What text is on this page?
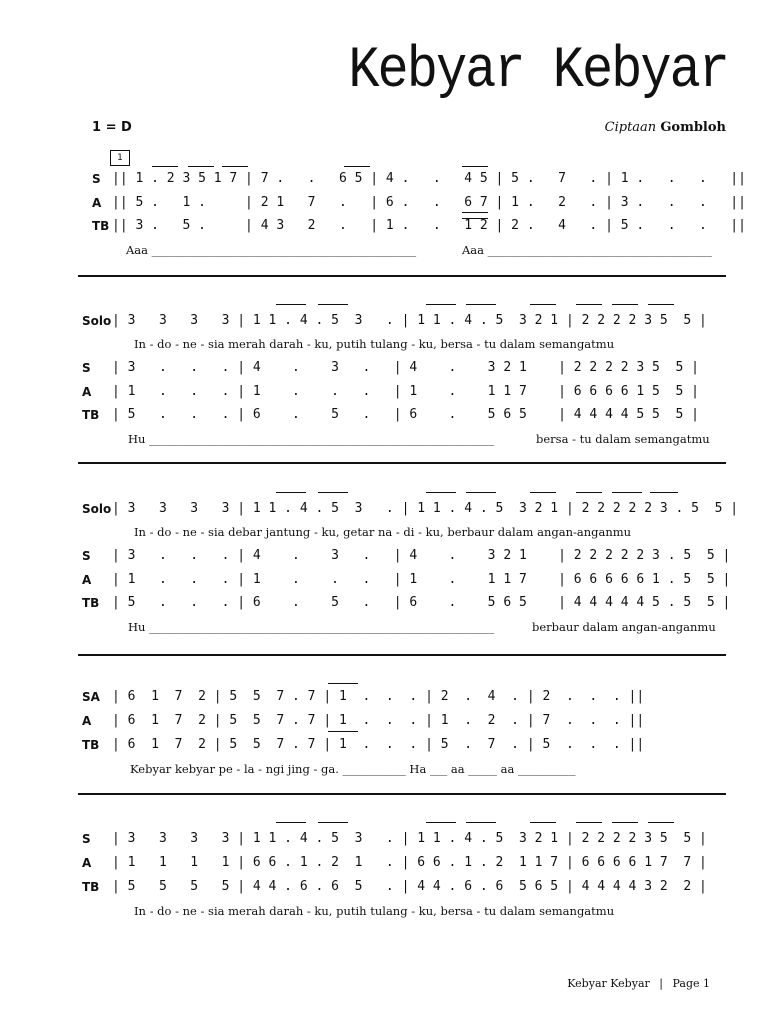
Kebyar Kebyar
1 = D	Ciptaan Gombloh
1
S || 1 . 2 3 5 1 7 | 7 .   .   6 5 | 4 .   .   4 5 | 5 .   7   . | 1 .   .   .   ||
A || 5 .   1 .     | 2 1   7   .   | 6 .   .   6 7 | 1 .   2   . | 3 .   .   .   ||
TB || 3 .   5 .     | 4 3   2   .   | 1 .   .   1 2 | 2 .   4   . | 5 .   .   .   ||
Aaa ______________________________________________	Aaa _______________________________________
Solo | 3   3   3   3 | 1 1 . 4 . 5  3   . | 1 1 . 4 . 5  3 2 1 | 2 2 2 2 3 5  5 |
In - do - ne - sia merah darah - ku, putih tulang - ku, bersa - tu dalam semangatmu
S | 3   .   .   . | 4    .    3   .   | 4    .    3 2 1    | 2 2 2 2 3 5  5 |
A | 1   .   .   . | 1    .    .   .   | 1    .    1 1 7    | 6 6 6 6 1 5  5 |
TB | 5   .   .   . | 6    .    5   .   | 6    .    5 6 5    | 4 4 4 4 5 5  5 |
Hu ____________________________________________________________	bersa - tu dalam semangatmu
Solo | 3   3   3   3 | 1 1 . 4 . 5  3   . | 1 1 . 4 . 5  3 2 1 | 2 2 2 2 2 3 . 5  5 |
In - do - ne - sia debar jantung - ku, getar na - di - ku, berbaur dalam angan-anganmu
S | 3   .   .   . | 4    .    3   .   | 4    .    3 2 1    | 2 2 2 2 2 3 . 5  5 |
A | 1   .   .   . | 1    .    .   .   | 1    .    1 1 7    | 6 6 6 6 6 1 . 5  5 |
TB | 5   .   .   . | 6    .    5   .   | 6    .    5 6 5    | 4 4 4 4 4 5 . 5  5 |
Hu ____________________________________________________________	berbaur dalam angan-anganmu
SA | 6  1  7  2 | 5  5  7 . 7 | 1  .  .  . | 2  .  4  . | 2  .  .  . ||
A | 6  1  7  2 | 5  5  7 . 7 | 1  .  .  . | 1  .  2  . | 7  .  .  . ||
TB | 6  1  7  2 | 5  5  7 . 7 | 1  .  .  . | 5  .  7  . | 5  .  .  . ||
Kebyar kebyar pe - la - ngi jing - ga. ___________ Ha ___ aa _____ aa __________
S | 3   3   3   3 | 1 1 . 4 . 5  3   . | 1 1 . 4 . 5  3 2 1 | 2 2 2 2 3 5  5 |
A | 1   1   1   1 | 6 6 . 1 . 2  1   . | 6 6 . 1 . 2  1 1 7 | 6 6 6 6 1 7  7 |
TB | 5   5   5   5 | 4 4 . 6 . 6  5   . | 4 4 . 6 . 6  5 6 5 | 4 4 4 4 3 2  2 |
In - do - ne - sia merah darah - ku, putih tulang - ku, bersa - tu dalam semangatmu
Kebyar Kebyar | Page 1
